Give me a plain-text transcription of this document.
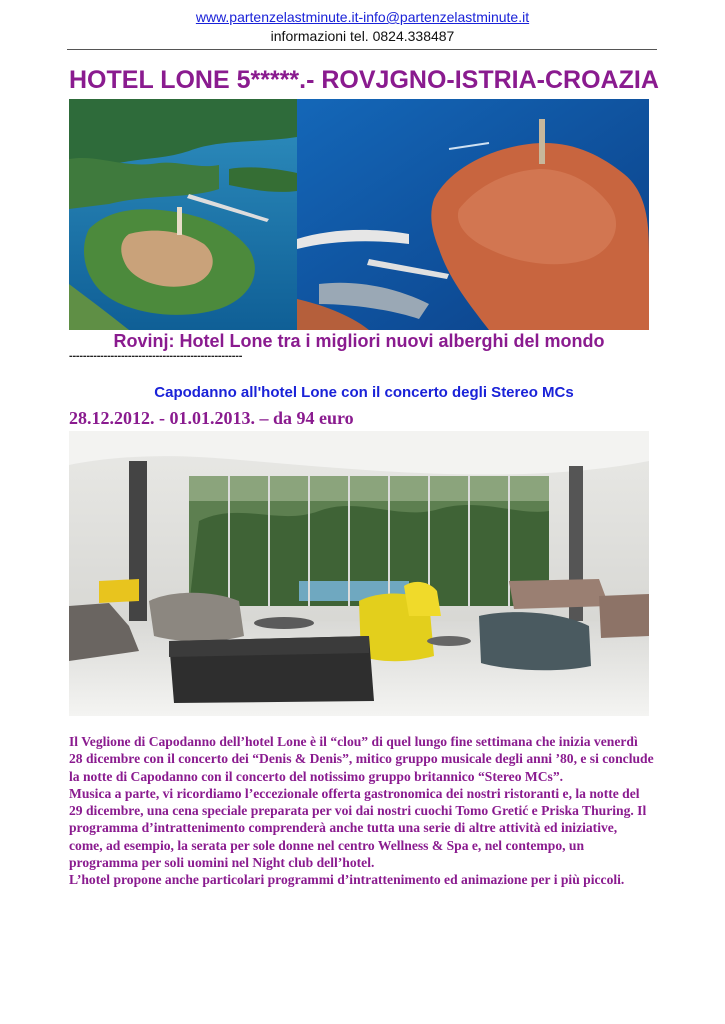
www.partenzelastminute.it-info@partenzelastminute.it
informazioni tel. 0824.338487
HOTEL LONE 5*****.- ROVJGNO-ISTRIA-CROAZIA
Rovinj: Hotel Lone tra i migliori nuovi alberghi del mondo
--------------------------------------------------
Capodanno all'hotel Lone con il concerto degli Stereo MCs
28.12.2012. - 01.01.2013. – da 94 euro

Il Veglione di Capodanno dell’hotel Lone è il “clou” di quel lungo fine settimana che inizia venerdì 28 dicembre con il concerto dei “Denis & Denis”, mitico gruppo musicale degli anni ’80, e si conclude la notte di Capodanno con il concerto del notissimo gruppo britannico “Stereo MCs”.

Musica a parte, vi ricordiamo l’eccezionale offerta gastronomica dei nostri ristoranti e, la notte del 29 dicembre, una cena speciale preparata per voi dai nostri cuochi Tomo Gretić e Priska Thuring. Il programma d’intrattenimento comprenderà anche tutta una serie di altre attività ed iniziative, come, ad esempio, la serata per sole donne nel centro Wellness & Spa e, nel contempo, un programma per soli uomini nel Night club dell’hotel.

L’hotel propone anche particolari programmi d’intrattenimento ed animazione per i più piccoli.
